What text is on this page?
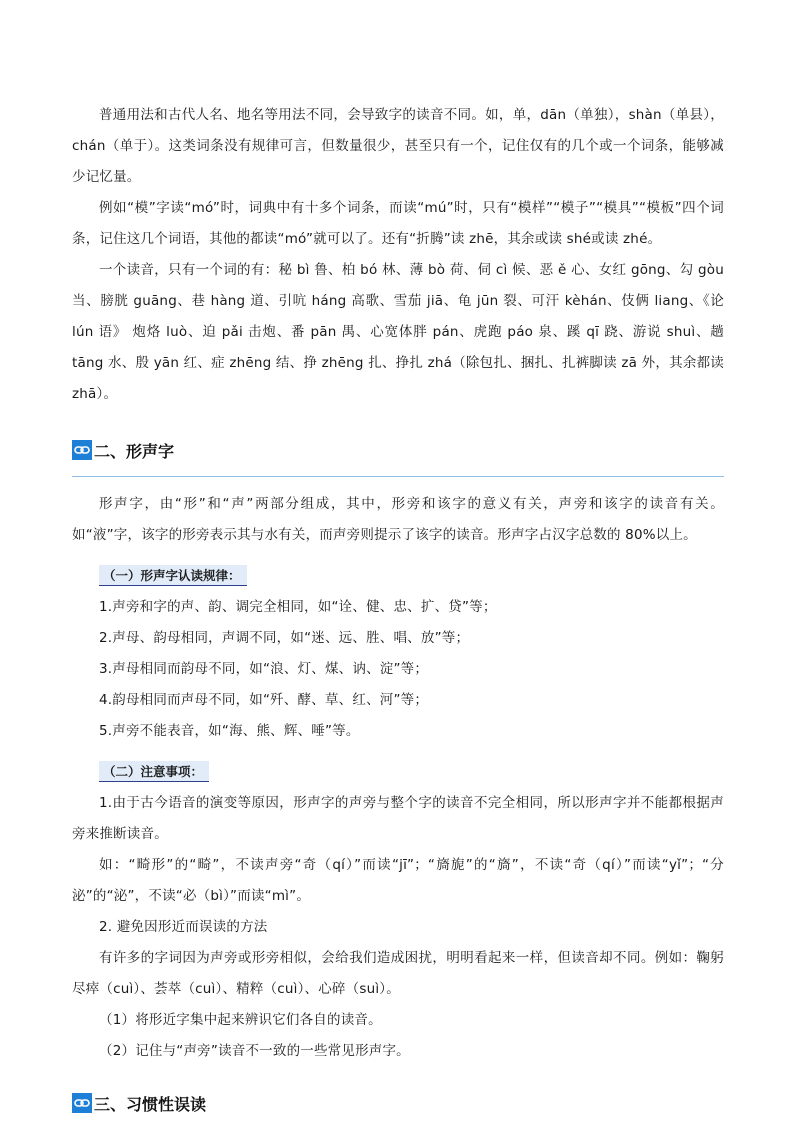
普通用法和古代人名、地名等用法不同，会导致字的读音不同。如，单，dān（单独），shàn（单县），chán（单于）。这类词条没有规律可言，但数量很少，甚至只有一个，记住仅有的几个或一个词条，能够减少记忆量。

例如“模”字读“mó”时，词典中有十多个词条，而读“mú”时，只有“模样”“模子”“模具”“模板”四个词条，记住这几个词语，其他的都读“mó”就可以了。还有“折腾”读 zhē，其余或读 shé或读 zhé。

一个读音，只有一个词的有：秘 bì 鲁、柏 bó 林、薄 bò 荷、伺 cì 候、恶 ě 心、女红 gōng、勾 gòu 当、膀胱 guāng、巷 hàng 道、引吭 háng 高歌、雪茄 jiā、龟 jūn 裂、可汗 kèhán、伎俩 liang、《论 lún 语》 炮烙 luò、迫 pǎi 击炮、番 pān 禺、心宽体胖 pán、虎跑 páo 泉、蹊 qī 跷、游说 shuì、趟 tāng 水、殷 yān 红、症 zhēng 结、挣 zhēng 扎、挣扎 zhá（除包扎、捆扎、扎裤脚读 zā 外，其余都读 zhā）。

二、形声字

形声字，由“形”和“声”两部分组成，其中，形旁和该字的意义有关，声旁和该字的读音有关。如“液”字，该字的形旁表示其与水有关，而声旁则提示了该字的读音。形声字占汉字总数的 80%以上。

（一）形声字认读规律：

1.声旁和字的声、韵、调完全相同，如“诠、健、忠、扩、贷”等；

2.声母、韵母相同，声调不同，如“迷、远、胜、唱、放”等；

3.声母相同而韵母不同，如“浪、灯、煤、讷、淀”等；

4.韵母相同而声母不同，如“歼、酵、草、红、河”等；

5.声旁不能表音，如“海、熊、辉、唾”等。

（二）注意事项：

1.由于古今语音的演变等原因，形声字的声旁与整个字的读音不完全相同，所以形声字并不能都根据声旁来推断读音。

如：“畸形”的“畸”，不读声旁“奇（qí）”而读“jī”；“旖旎”的“旖”，不读“奇（qí）”而读“yǐ”；“分泌”的“泌”，不读“必（bì）”而读“mì”。

2. 避免因形近而误读的方法

有许多的字词因为声旁或形旁相似，会给我们造成困扰，明明看起来一样，但读音却不同。例如：鞠躬尽瘁（cuì）、荟萃（cuì）、精粹（cuì）、心碎（suì）。

（1）将形近字集中起来辨识它们各自的读音。

（2）记住与“声旁”读音不一致的一些常见形声字。

三、习惯性误读
